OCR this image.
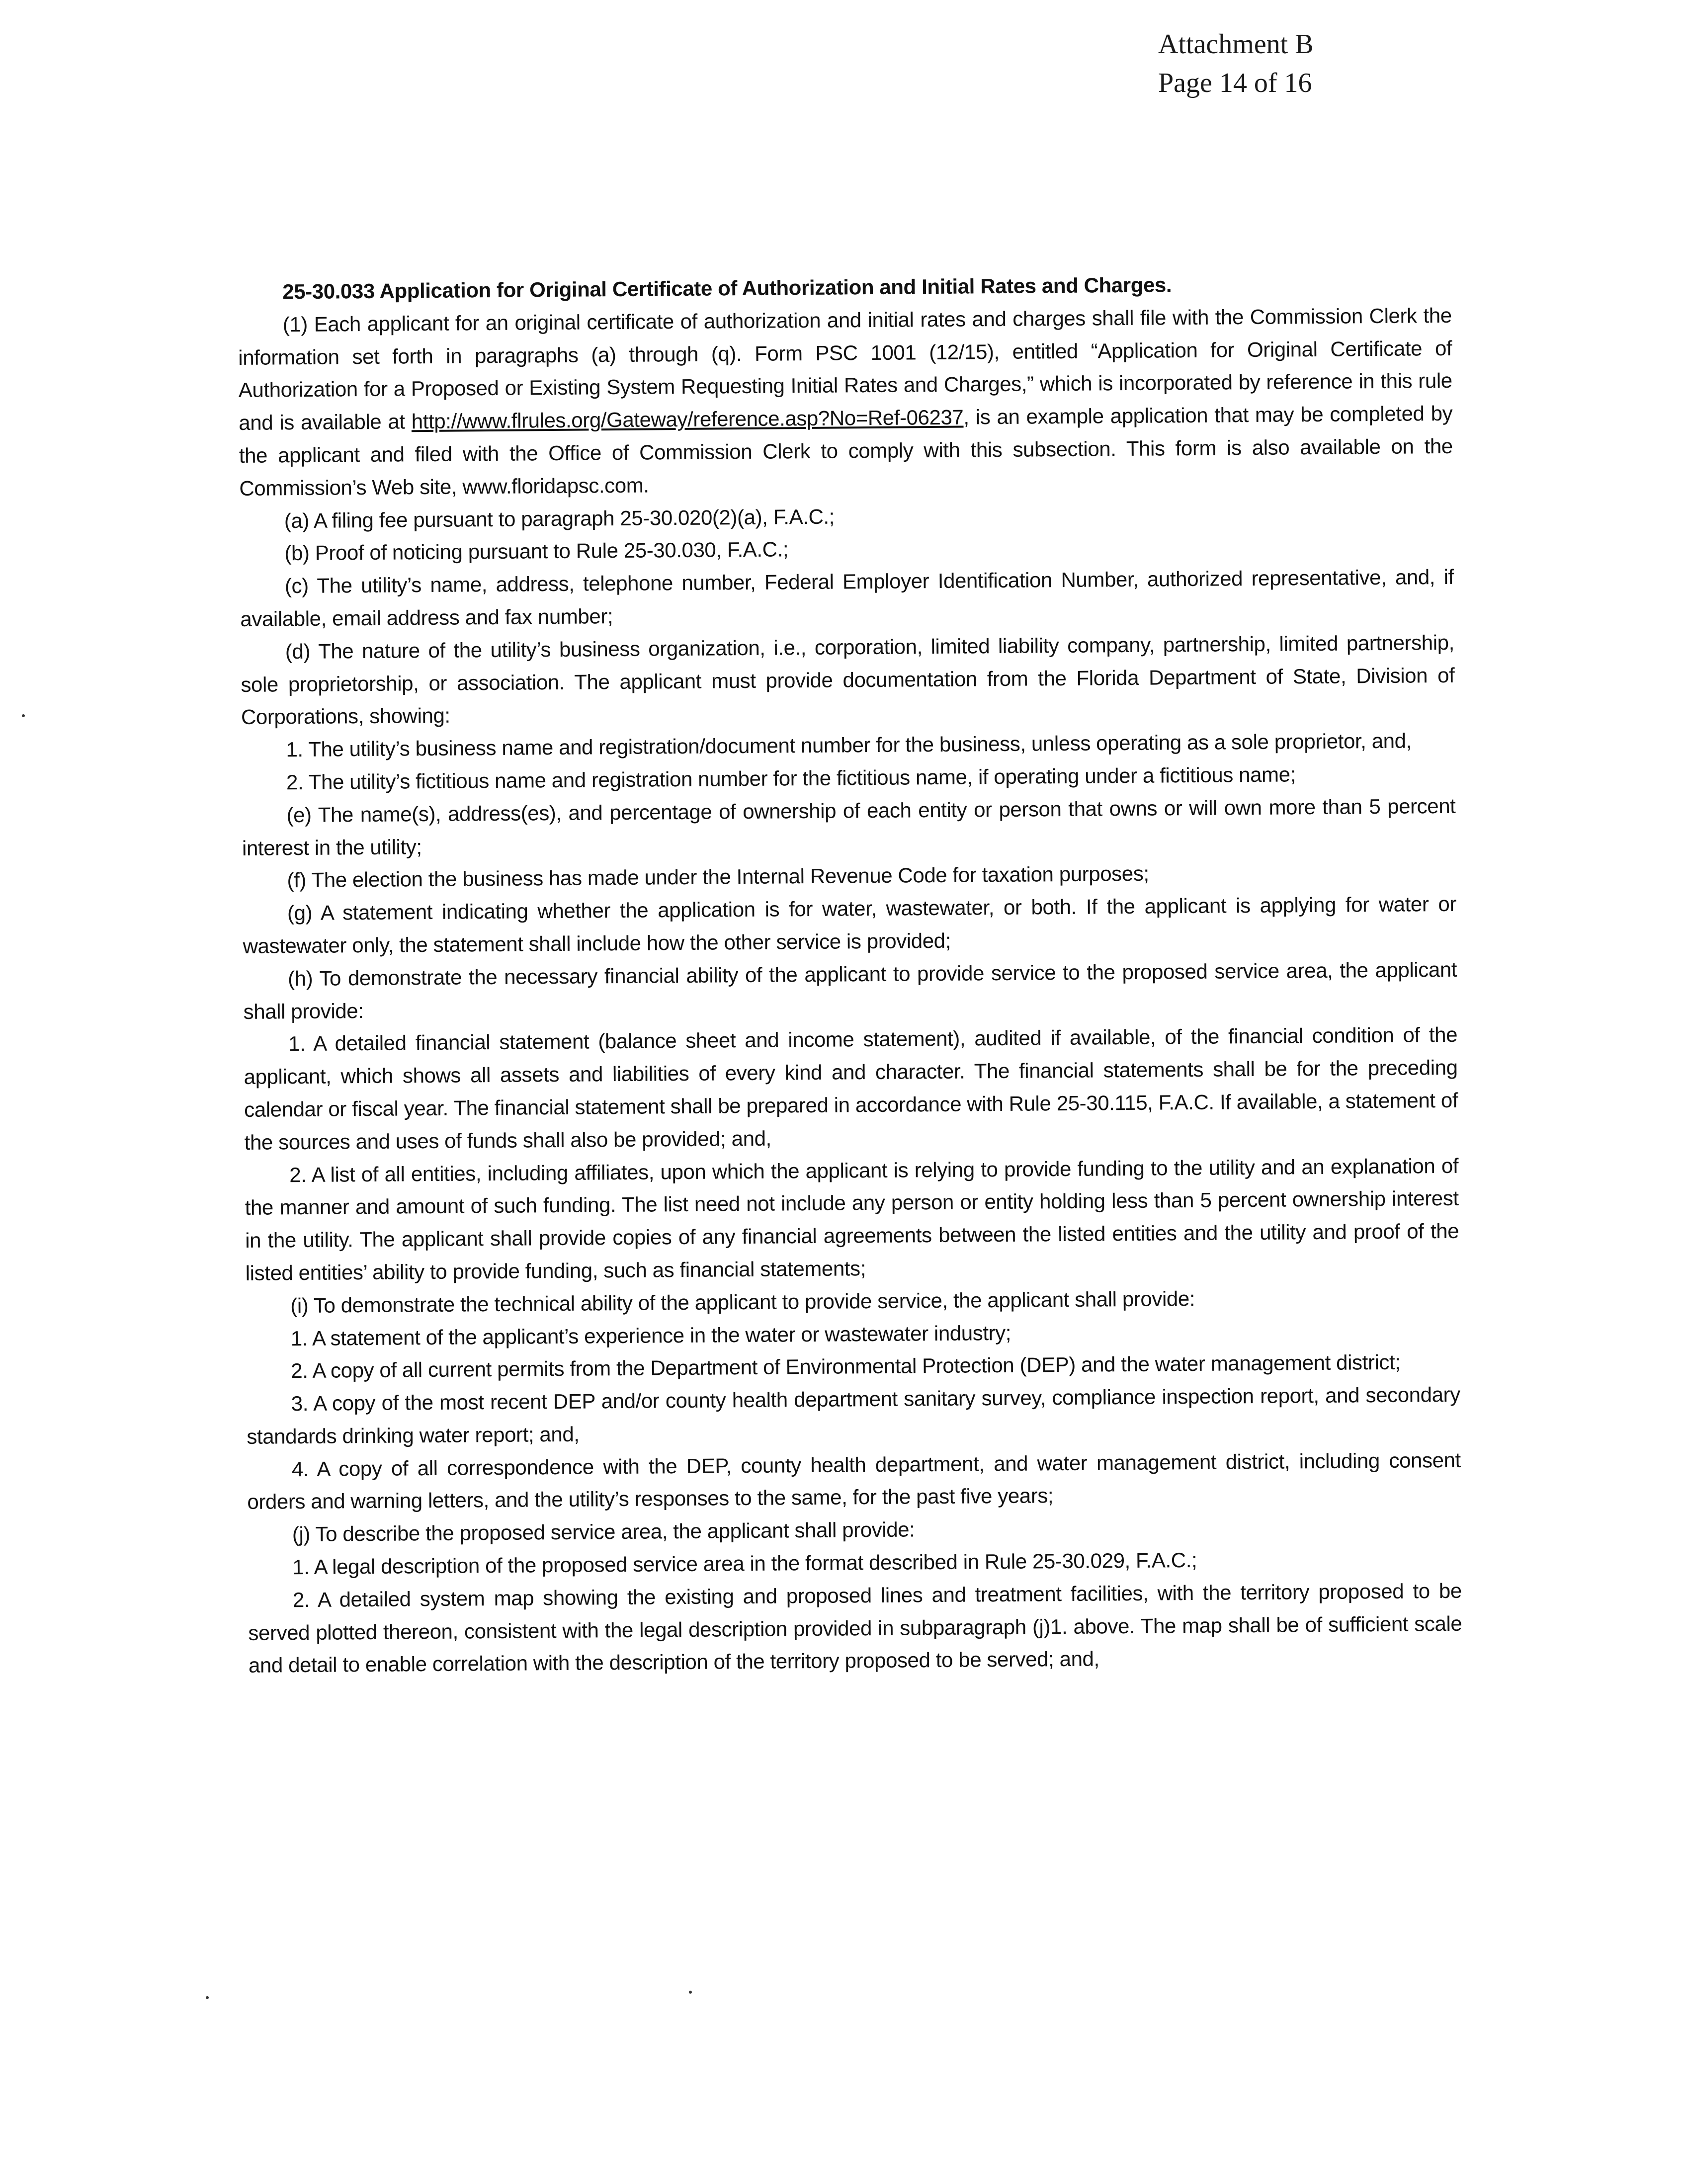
Attachment B
Page 14 of 16
25-30.033 Application for Original Certificate of Authorization and Initial Rates and Charges.
(1) Each applicant for an original certificate of authorization and initial rates and charges shall file with the Commission Clerk the information set forth in paragraphs (a) through (q). Form PSC 1001 (12/15), entitled “Application for Original Certificate of Authorization for a Proposed or Existing System Requesting Initial Rates and Charges,” which is incorporated by reference in this rule and is available at http://www.flrules.org/Gateway/reference.asp?No=Ref-06237, is an example application that may be completed by the applicant and filed with the Office of Commission Clerk to comply with this subsection. This form is also available on the Commission’s Web site, www.floridapsc.com.
(a) A filing fee pursuant to paragraph 25-30.020(2)(a), F.A.C.;
(b) Proof of noticing pursuant to Rule 25-30.030, F.A.C.;
(c) The utility’s name, address, telephone number, Federal Employer Identification Number, authorized representative, and, if available, email address and fax number;
(d) The nature of the utility’s business organization, i.e., corporation, limited liability company, partnership, limited partnership, sole proprietorship, or association. The applicant must provide documentation from the Florida Department of State, Division of Corporations, showing:
1. The utility’s business name and registration/document number for the business, unless operating as a sole proprietor, and,
2. The utility’s fictitious name and registration number for the fictitious name, if operating under a fictitious name;
(e) The name(s), address(es), and percentage of ownership of each entity or person that owns or will own more than 5 percent interest in the utility;
(f) The election the business has made under the Internal Revenue Code for taxation purposes;
(g) A statement indicating whether the application is for water, wastewater, or both. If the applicant is applying for water or wastewater only, the statement shall include how the other service is provided;
(h) To demonstrate the necessary financial ability of the applicant to provide service to the proposed service area, the applicant shall provide:
1. A detailed financial statement (balance sheet and income statement), audited if available, of the financial condition of the applicant, which shows all assets and liabilities of every kind and character. The financial statements shall be for the preceding calendar or fiscal year. The financial statement shall be prepared in accordance with Rule 25-30.115, F.A.C. If available, a statement of the sources and uses of funds shall also be provided; and,
2. A list of all entities, including affiliates, upon which the applicant is relying to provide funding to the utility and an explanation of the manner and amount of such funding. The list need not include any person or entity holding less than 5 percent ownership interest in the utility. The applicant shall provide copies of any financial agreements between the listed entities and the utility and proof of the listed entities’ ability to provide funding, such as financial statements;
(i) To demonstrate the technical ability of the applicant to provide service, the applicant shall provide:
1. A statement of the applicant’s experience in the water or wastewater industry;
2. A copy of all current permits from the Department of Environmental Protection (DEP) and the water management district;
3. A copy of the most recent DEP and/or county health department sanitary survey, compliance inspection report, and secondary standards drinking water report; and,
4. A copy of all correspondence with the DEP, county health department, and water management district, including consent orders and warning letters, and the utility’s responses to the same, for the past five years;
(j) To describe the proposed service area, the applicant shall provide:
1. A legal description of the proposed service area in the format described in Rule 25-30.029, F.A.C.;
2. A detailed system map showing the existing and proposed lines and treatment facilities, with the territory proposed to be served plotted thereon, consistent with the legal description provided in subparagraph (j)1. above. The map shall be of sufficient scale and detail to enable correlation with the description of the territory proposed to be served; and,
